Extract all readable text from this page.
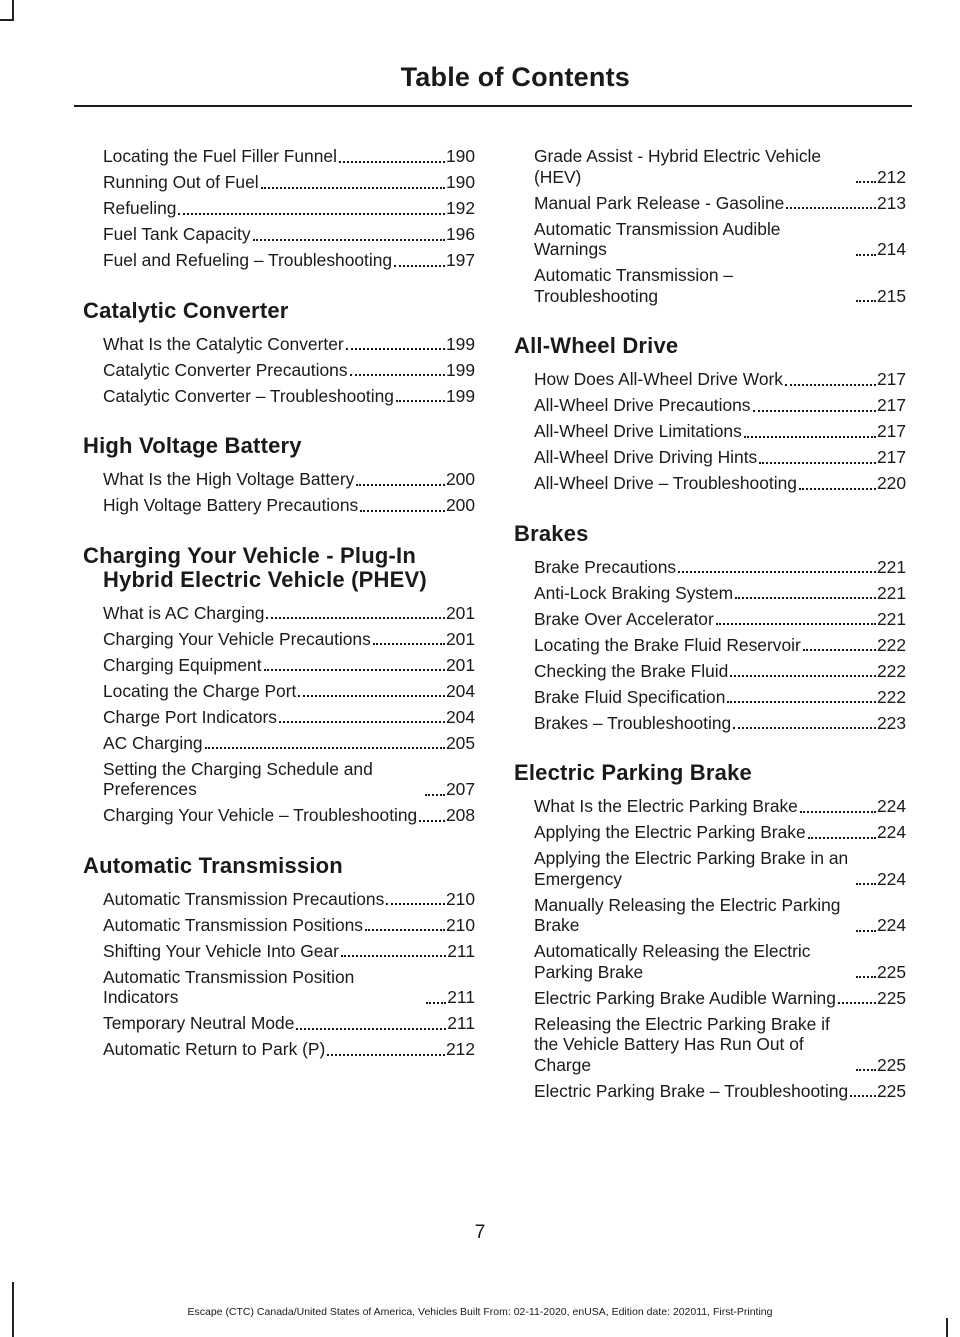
Table of Contents
Locating the Fuel Filler Funnel	190
Running Out of Fuel	190
Refueling	192
Fuel Tank Capacity	196
Fuel and Refueling – Troubleshooting	197
Catalytic Converter
What Is the Catalytic Converter	199
Catalytic Converter Precautions	199
Catalytic Converter – Troubleshooting	199
High Voltage Battery
What Is the High Voltage Battery	200
High Voltage Battery Precautions	200
Charging Your Vehicle - Plug-In Hybrid Electric Vehicle (PHEV)
What is AC Charging	201
Charging Your Vehicle Precautions	201
Charging Equipment	201
Locating the Charge Port	204
Charge Port Indicators	204
AC Charging	205
Setting the Charging Schedule and Preferences	207
Charging Your Vehicle – Troubleshooting 208
Automatic Transmission
Automatic Transmission Precautions	210
Automatic Transmission Positions	210
Shifting Your Vehicle Into Gear	211
Automatic Transmission Position Indicators	211
Temporary Neutral Mode	211
Automatic Return to Park (P)	212
Grade Assist - Hybrid Electric Vehicle (HEV)	212
Manual Park Release - Gasoline	213
Automatic Transmission Audible Warnings	214
Automatic Transmission – Troubleshooting	215
All-Wheel Drive
How Does All-Wheel Drive Work	217
All-Wheel Drive Precautions	217
All-Wheel Drive Limitations	217
All-Wheel Drive Driving Hints	217
All-Wheel Drive – Troubleshooting	220
Brakes
Brake Precautions	221
Anti-Lock Braking System	221
Brake Over Accelerator	221
Locating the Brake Fluid Reservoir	222
Checking the Brake Fluid	222
Brake Fluid Specification	222
Brakes – Troubleshooting	223
Electric Parking Brake
What Is the Electric Parking Brake	224
Applying the Electric Parking Brake	224
Applying the Electric Parking Brake in an Emergency	224
Manually Releasing the Electric Parking Brake	224
Automatically Releasing the Electric Parking Brake	225
Electric Parking Brake Audible Warning 225
Releasing the Electric Parking Brake if the Vehicle Battery Has Run Out of Charge	225
Electric Parking Brake – Troubleshooting 225
7
Escape (CTC) Canada/United States of America, Vehicles Built From: 02-11-2020, enUSA, Edition date: 202011, First-Printing
